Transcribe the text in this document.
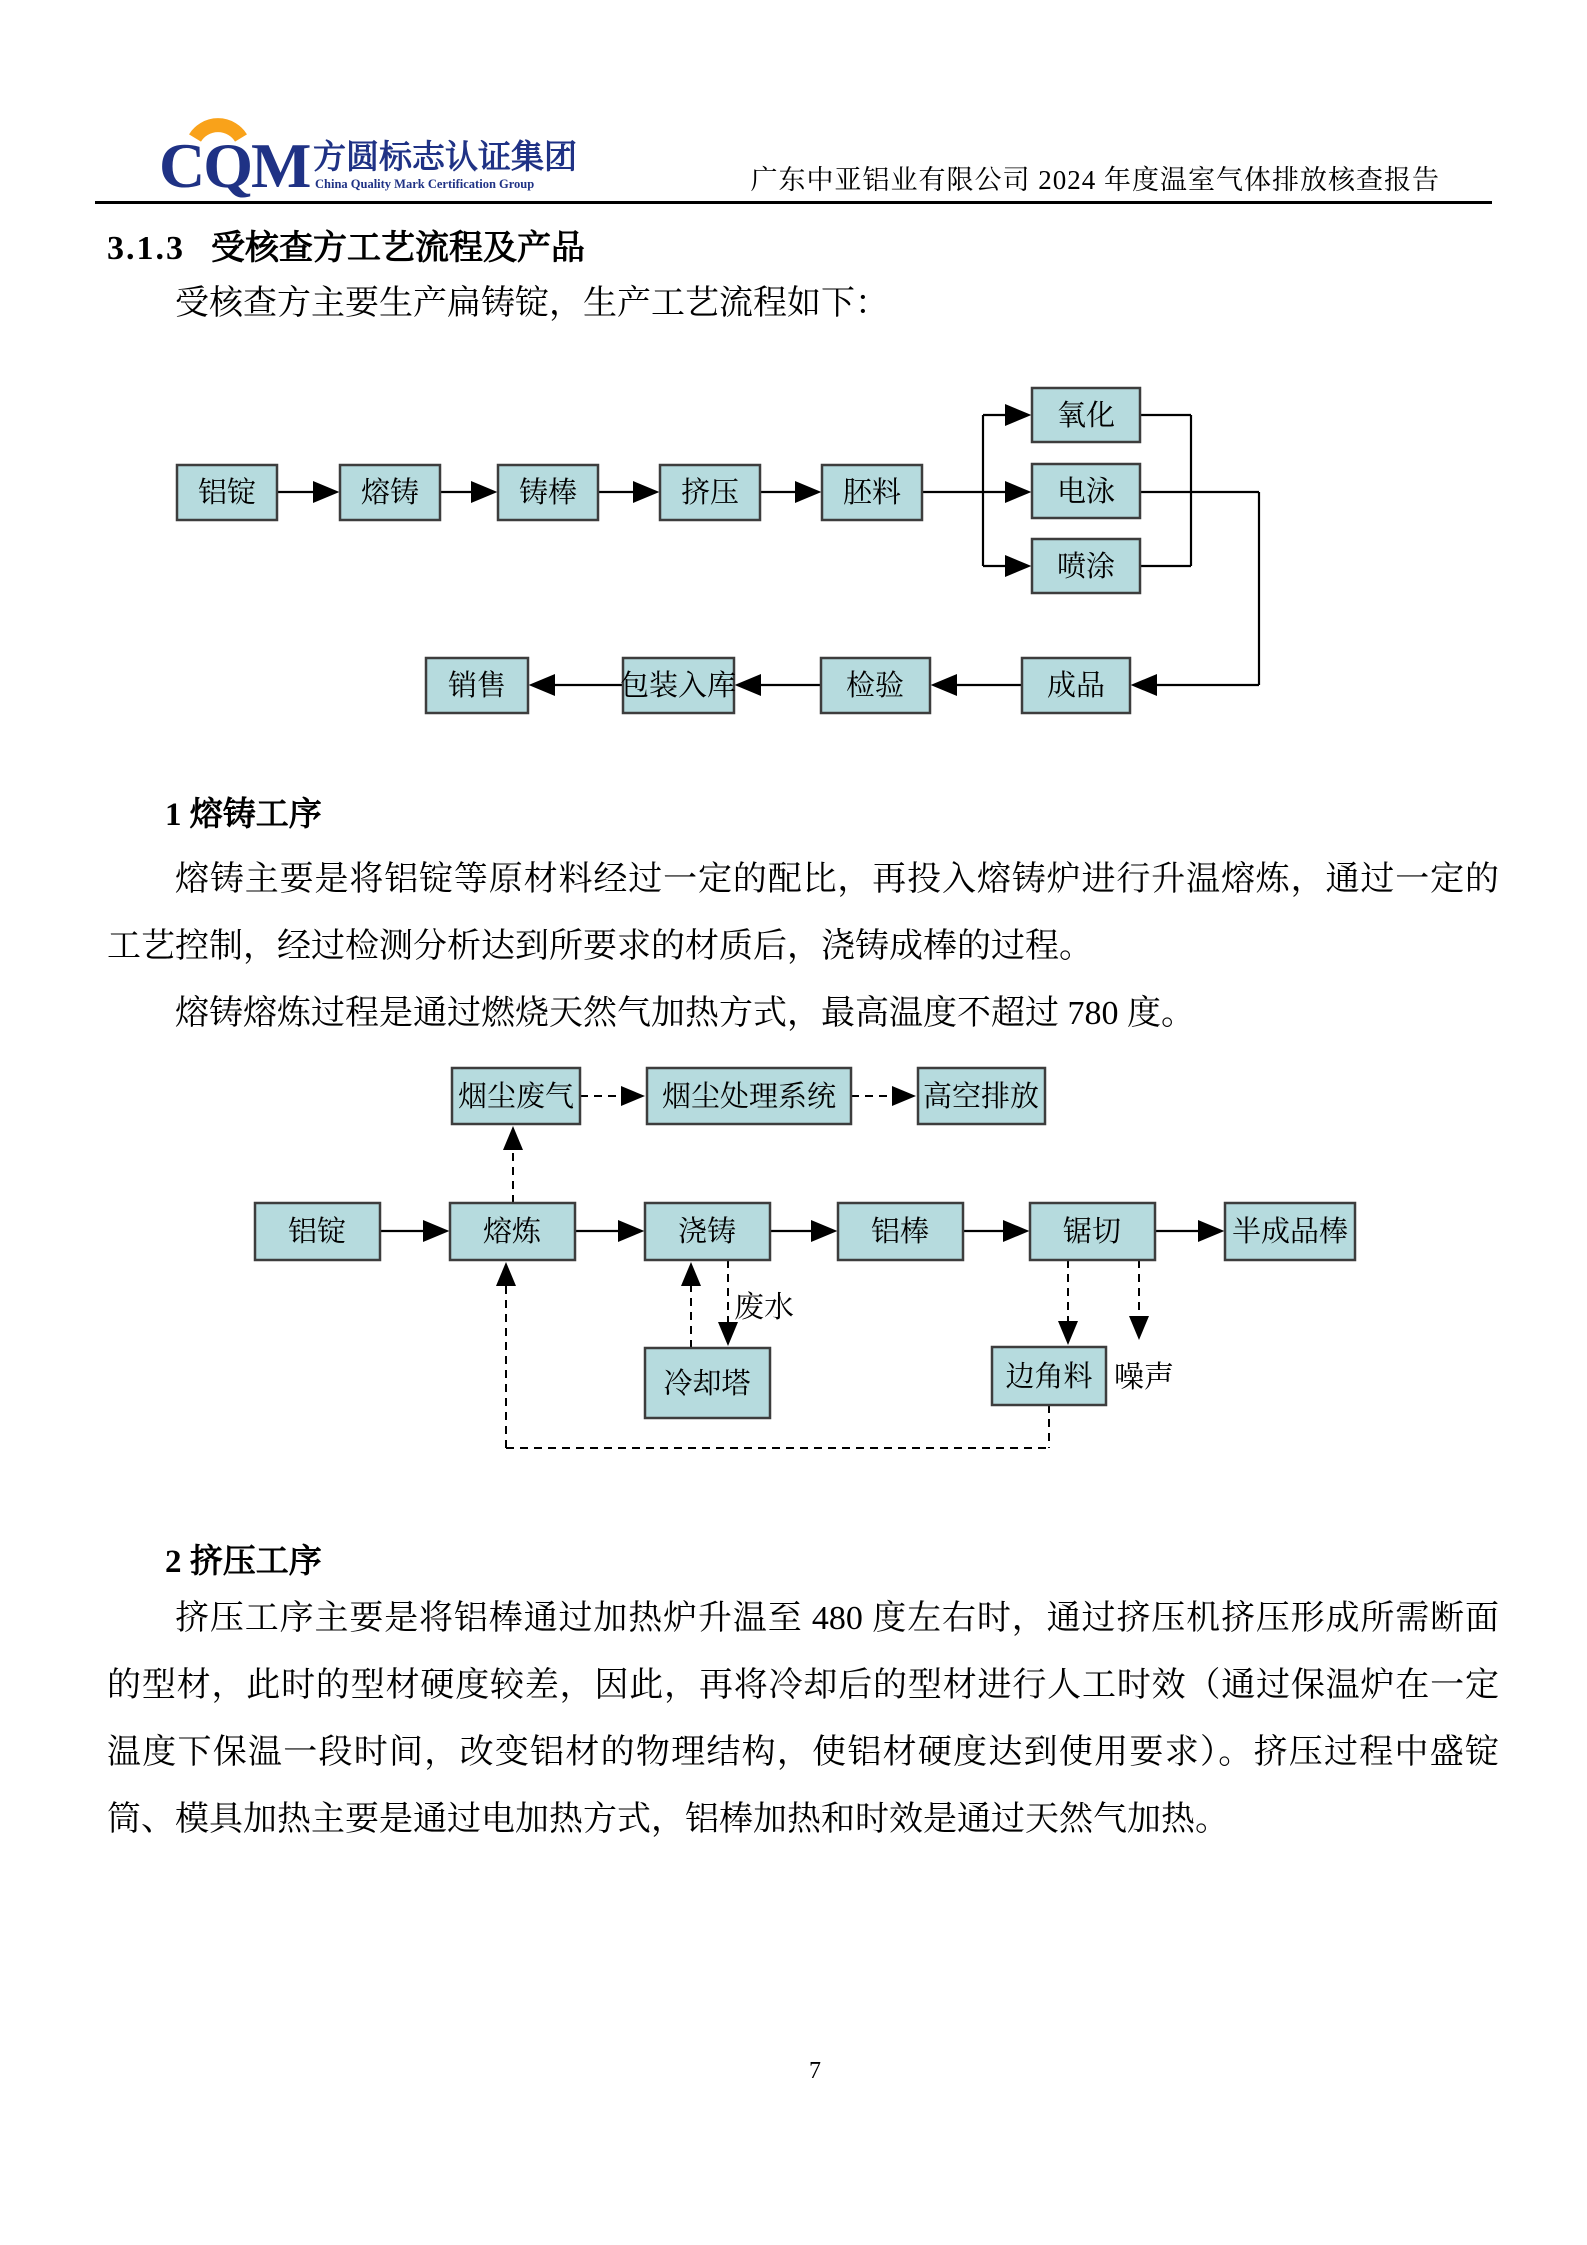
CQM 方圆标志认证集团
China Quality Mark Certification Group	广东中亚铝业有限公司 2024 年度温室气体排放核查报告
3.1.3 受核查方工艺流程及产品
受核查方主要生产扁铸锭，生产工艺流程如下：
铝锭	熔铸	铸棒	挤压	胚料
氧化
电泳
喷涂
成品
检验
包装入库
销售
1 熔铸工序
熔铸主要是将铝锭等原材料经过一定的配比，再投入熔铸炉进行升温熔炼，通过一定的工艺控制，经过检测分析达到所要求的材质后，浇铸成棒的过程。
熔铸熔炼过程是通过燃烧天然气加热方式，最高温度不超过 780 度。
烟尘废气	烟尘处理系统	高空排放
铝锭	熔炼	浇铸	铝棒	锯切	半成品棒
冷却塔	边角料
废水
噪声
2 挤压工序
挤压工序主要是将铝棒通过加热炉升温至 480 度左右时，通过挤压机挤压形成所需断面的型材，此时的型材硬度较差，因此，再将冷却后的型材进行人工时效（通过保温炉在一定温度下保温一段时间，改变铝材的物理结构，使铝材硬度达到使用要求）。挤压过程中盛锭筒、模具加热主要是通过电加热方式，铝棒加热和时效是通过天然气加热。
7
